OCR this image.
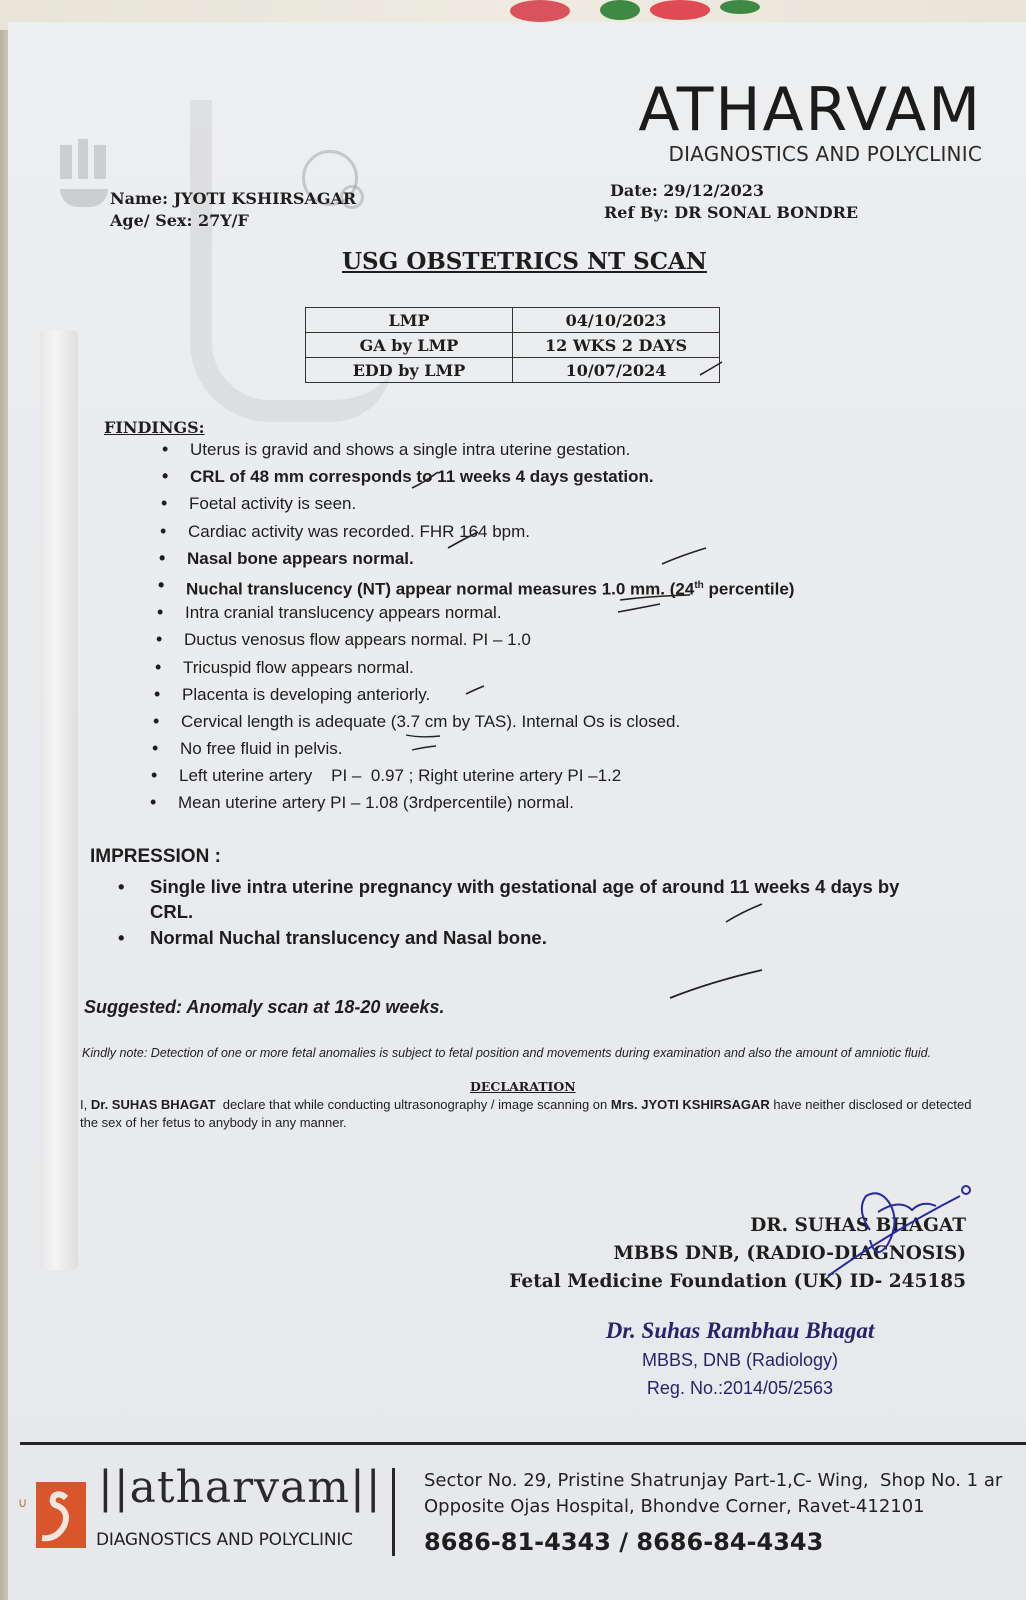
ATHARVAM
DIAGNOSTICS AND POLYCLINIC
Name: JYOTI KSHIRSAGAR
Age/ Sex: 27Y/F
Date: 29/12/2023
Ref By: DR SONAL BONDRE
USG OBSTETRICS NT SCAN
LMP	04/10/2023
GA by LMP	12 WKS 2 DAYS
EDD by LMP	10/07/2024
FINDINGS:
• Uterus is gravid and shows a single intra uterine gestation.
• CRL of 48 mm corresponds to 11 weeks 4 days gestation.
• Foetal activity is seen.
• Cardiac activity was recorded. FHR 164 bpm.
• Nasal bone appears normal.
• Nuchal translucency (NT) appear normal measures 1.0 mm. (24th percentile)
• Intra cranial translucency appears normal.
• Ductus venosus flow appears normal. PI – 1.0
• Tricuspid flow appears normal.
• Placenta is developing anteriorly.
• Cervical length is adequate (3.7 cm by TAS). Internal Os is closed.
• No free fluid in pelvis.
• Left uterine artery    PI –  0.97 ; Right uterine artery PI –1.2
• Mean uterine artery PI – 1.08 (3rdpercentile) normal.
IMPRESSION :
• Single live intra uterine pregnancy with gestational age of around 11 weeks 4 days by CRL.
• Normal Nuchal translucency and Nasal bone.
Suggested: Anomaly scan at 18-20 weeks.
Kindly note: Detection of one or more fetal anomalies is subject to fetal position and movements during examination and also the amount of amniotic fluid.
DECLARATION
I, Dr. SUHAS BHAGAT  declare that while conducting ultrasonography / image scanning on Mrs. JYOTI KSHIRSAGAR have neither disclosed or detected the sex of her fetus to anybody in any manner.
DR. SUHAS BHAGAT
MBBS DNB, (RADIO-DIAGNOSIS)
Fetal Medicine Foundation (UK) ID- 245185
Dr. Suhas Rambhau Bhagat
MBBS, DNB (Radiology)
Reg. No.:2014/05/2563
∪ ||atharvam||
DIAGNOSTICS AND POLYCLINIC
Sector No. 29, Pristine Shatrunjay Part-1,C- Wing,  Shop No. 1 ar
Opposite Ojas Hospital, Bhondve Corner, Ravet-412101
8686-81-4343 / 8686-84-4343
